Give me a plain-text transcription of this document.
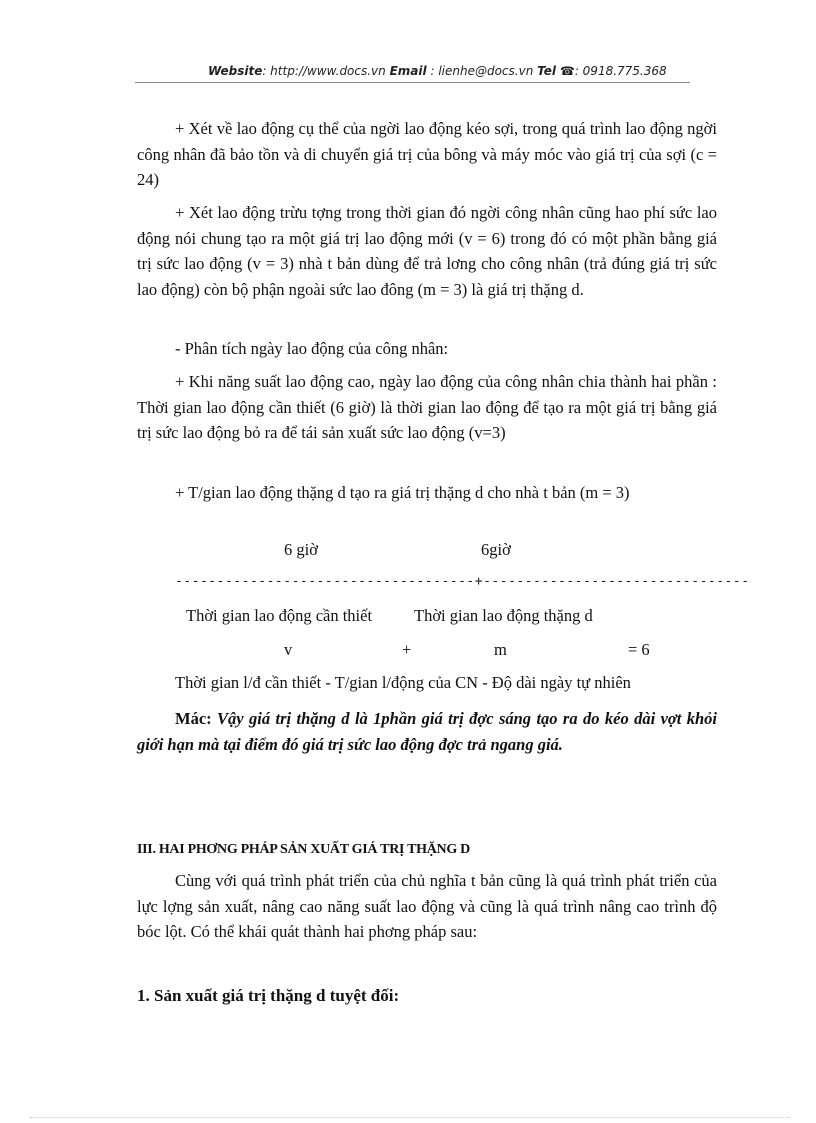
Website: http://www.docs.vn Email : lienhe@docs.vn Tel ☎: 0918.775.368

+ Xét về lao động cụ thể của ngời lao động kéo sợi, trong quá trình lao động ngời công nhân đã bảo tồn và di chuyển giá trị của bông và máy móc vào giá trị của sợi (c = 24)

+ Xét lao động trừu tợng trong thời gian đó ngời công nhân cũng hao phí sức lao động nói chung tạo ra một giá trị lao động mới (v = 6) trong đó có một phần bằng giá trị sức lao động (v = 3) nhà t bản dùng để trả lơng cho công nhân (trả đúng giá trị sức lao động) còn bộ phận ngoài sức lao đông (m = 3) là giá trị thặng d.

- Phân tích ngày lao động của công nhân:

+ Khi năng suất lao động cao, ngày lao động của công nhân chia thành hai phần : Thời gian lao động cần thiết (6 giờ) là thời gian lao động để tạo ra một giá trị bằng giá trị sức lao động bỏ ra để tái sản xuất sức lao động (v=3)

+ T/gian lao động thặng d tạo ra giá trị thặng d cho nhà t bản (m = 3)

6 giờ	6giờ
------------------------------------+--------------------------------
Thời gian lao động cần thiết	Thời gian lao động thặng d
v	+	m	= 6
Thời gian l/đ cần thiết - T/gian l/động của CN - Độ dài ngày tự nhiên
Mác: Vậy giá trị thặng d là 1phần giá trị đợc sáng tạo ra do kéo dài vợt khỏi giới hạn mà tại điểm đó giá trị sức lao động đợc trả ngang giá.
III. HAI PHƠNG PHÁP SẢN XUẤT GIÁ TRỊ THẶNG D

Cùng với quá trình phát triển của chủ nghĩa t bản cũng là quá trình phát triển của lực lợng sản xuất, nâng cao năng suất lao động và cũng là quá trình nâng cao trình độ bóc lột. Có thể khái quát thành hai phơng pháp sau:

1. Sản xuất giá trị thặng d tuyệt đối:
